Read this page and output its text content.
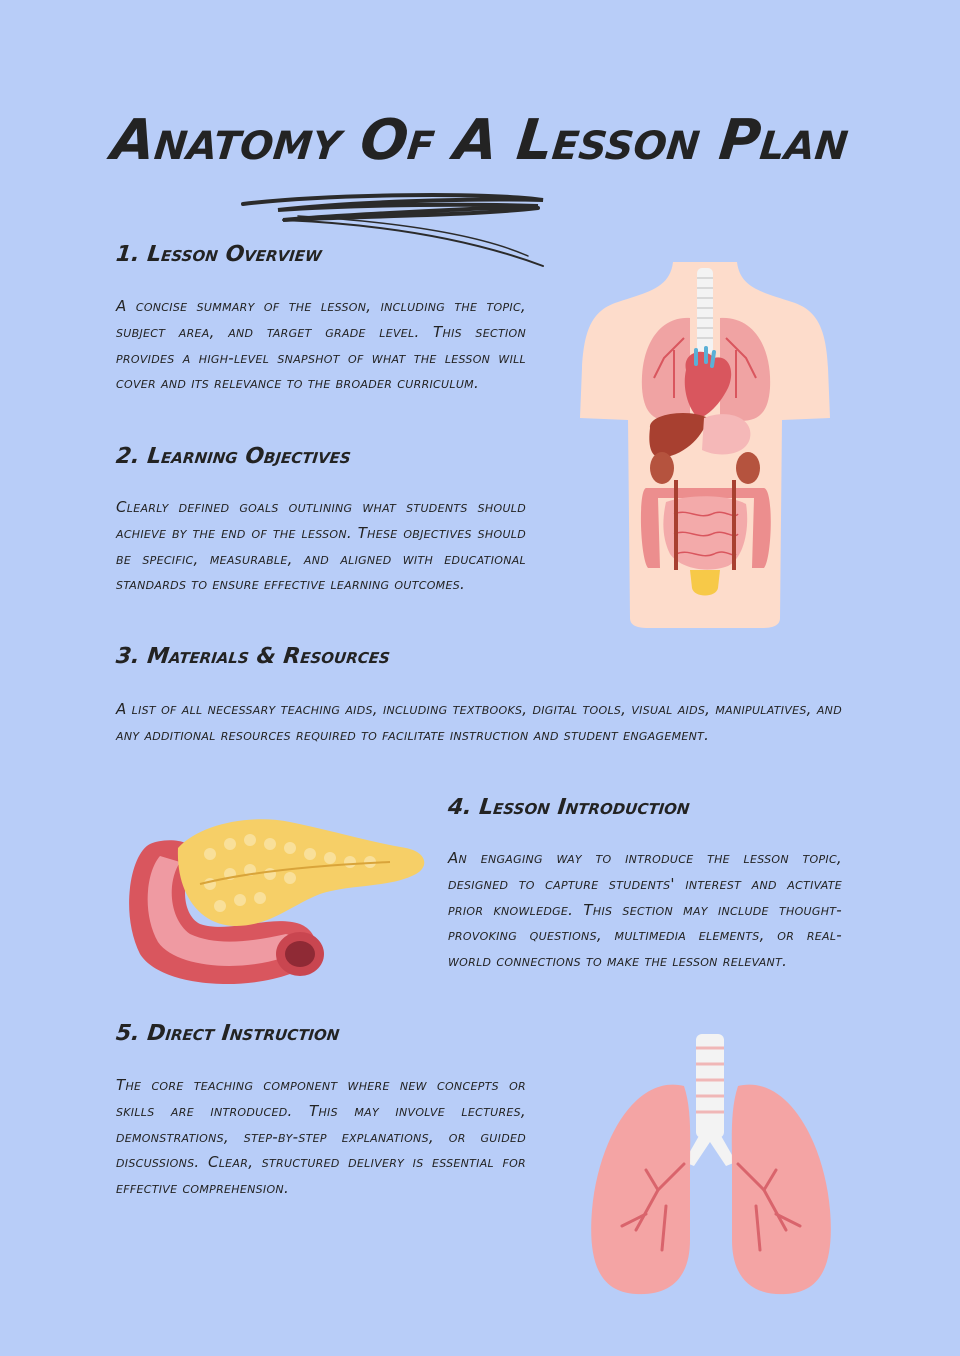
Anatomy Of A Lesson Plan
1. Lesson Overview

A concise summary of the lesson, including the topic, subject area, and target grade level. This section provides a high-level snapshot of what the lesson will cover and its relevance to the broader curriculum.

2. Learning Objectives

Clearly defined goals outlining what students should achieve by the end of the lesson. These objectives should be specific, measurable, and aligned with educational standards to ensure effective learning outcomes.

3. Materials & Resources

A list of all necessary teaching aids, including textbooks, digital tools, visual aids, manipulatives, and any additional resources required to facilitate instruction and student engagement.

4. Lesson Introduction

An engaging way to introduce the lesson topic, designed to capture students' interest and activate prior knowledge. This section may include thought-provoking questions, multimedia elements, or real-world connections to make the lesson relevant.

5. Direct Instruction

The core teaching component where new concepts or skills are introduced. This may involve lectures, demonstrations, step-by-step explanations, or guided discussions. Clear, structured delivery is essential for effective comprehension.
